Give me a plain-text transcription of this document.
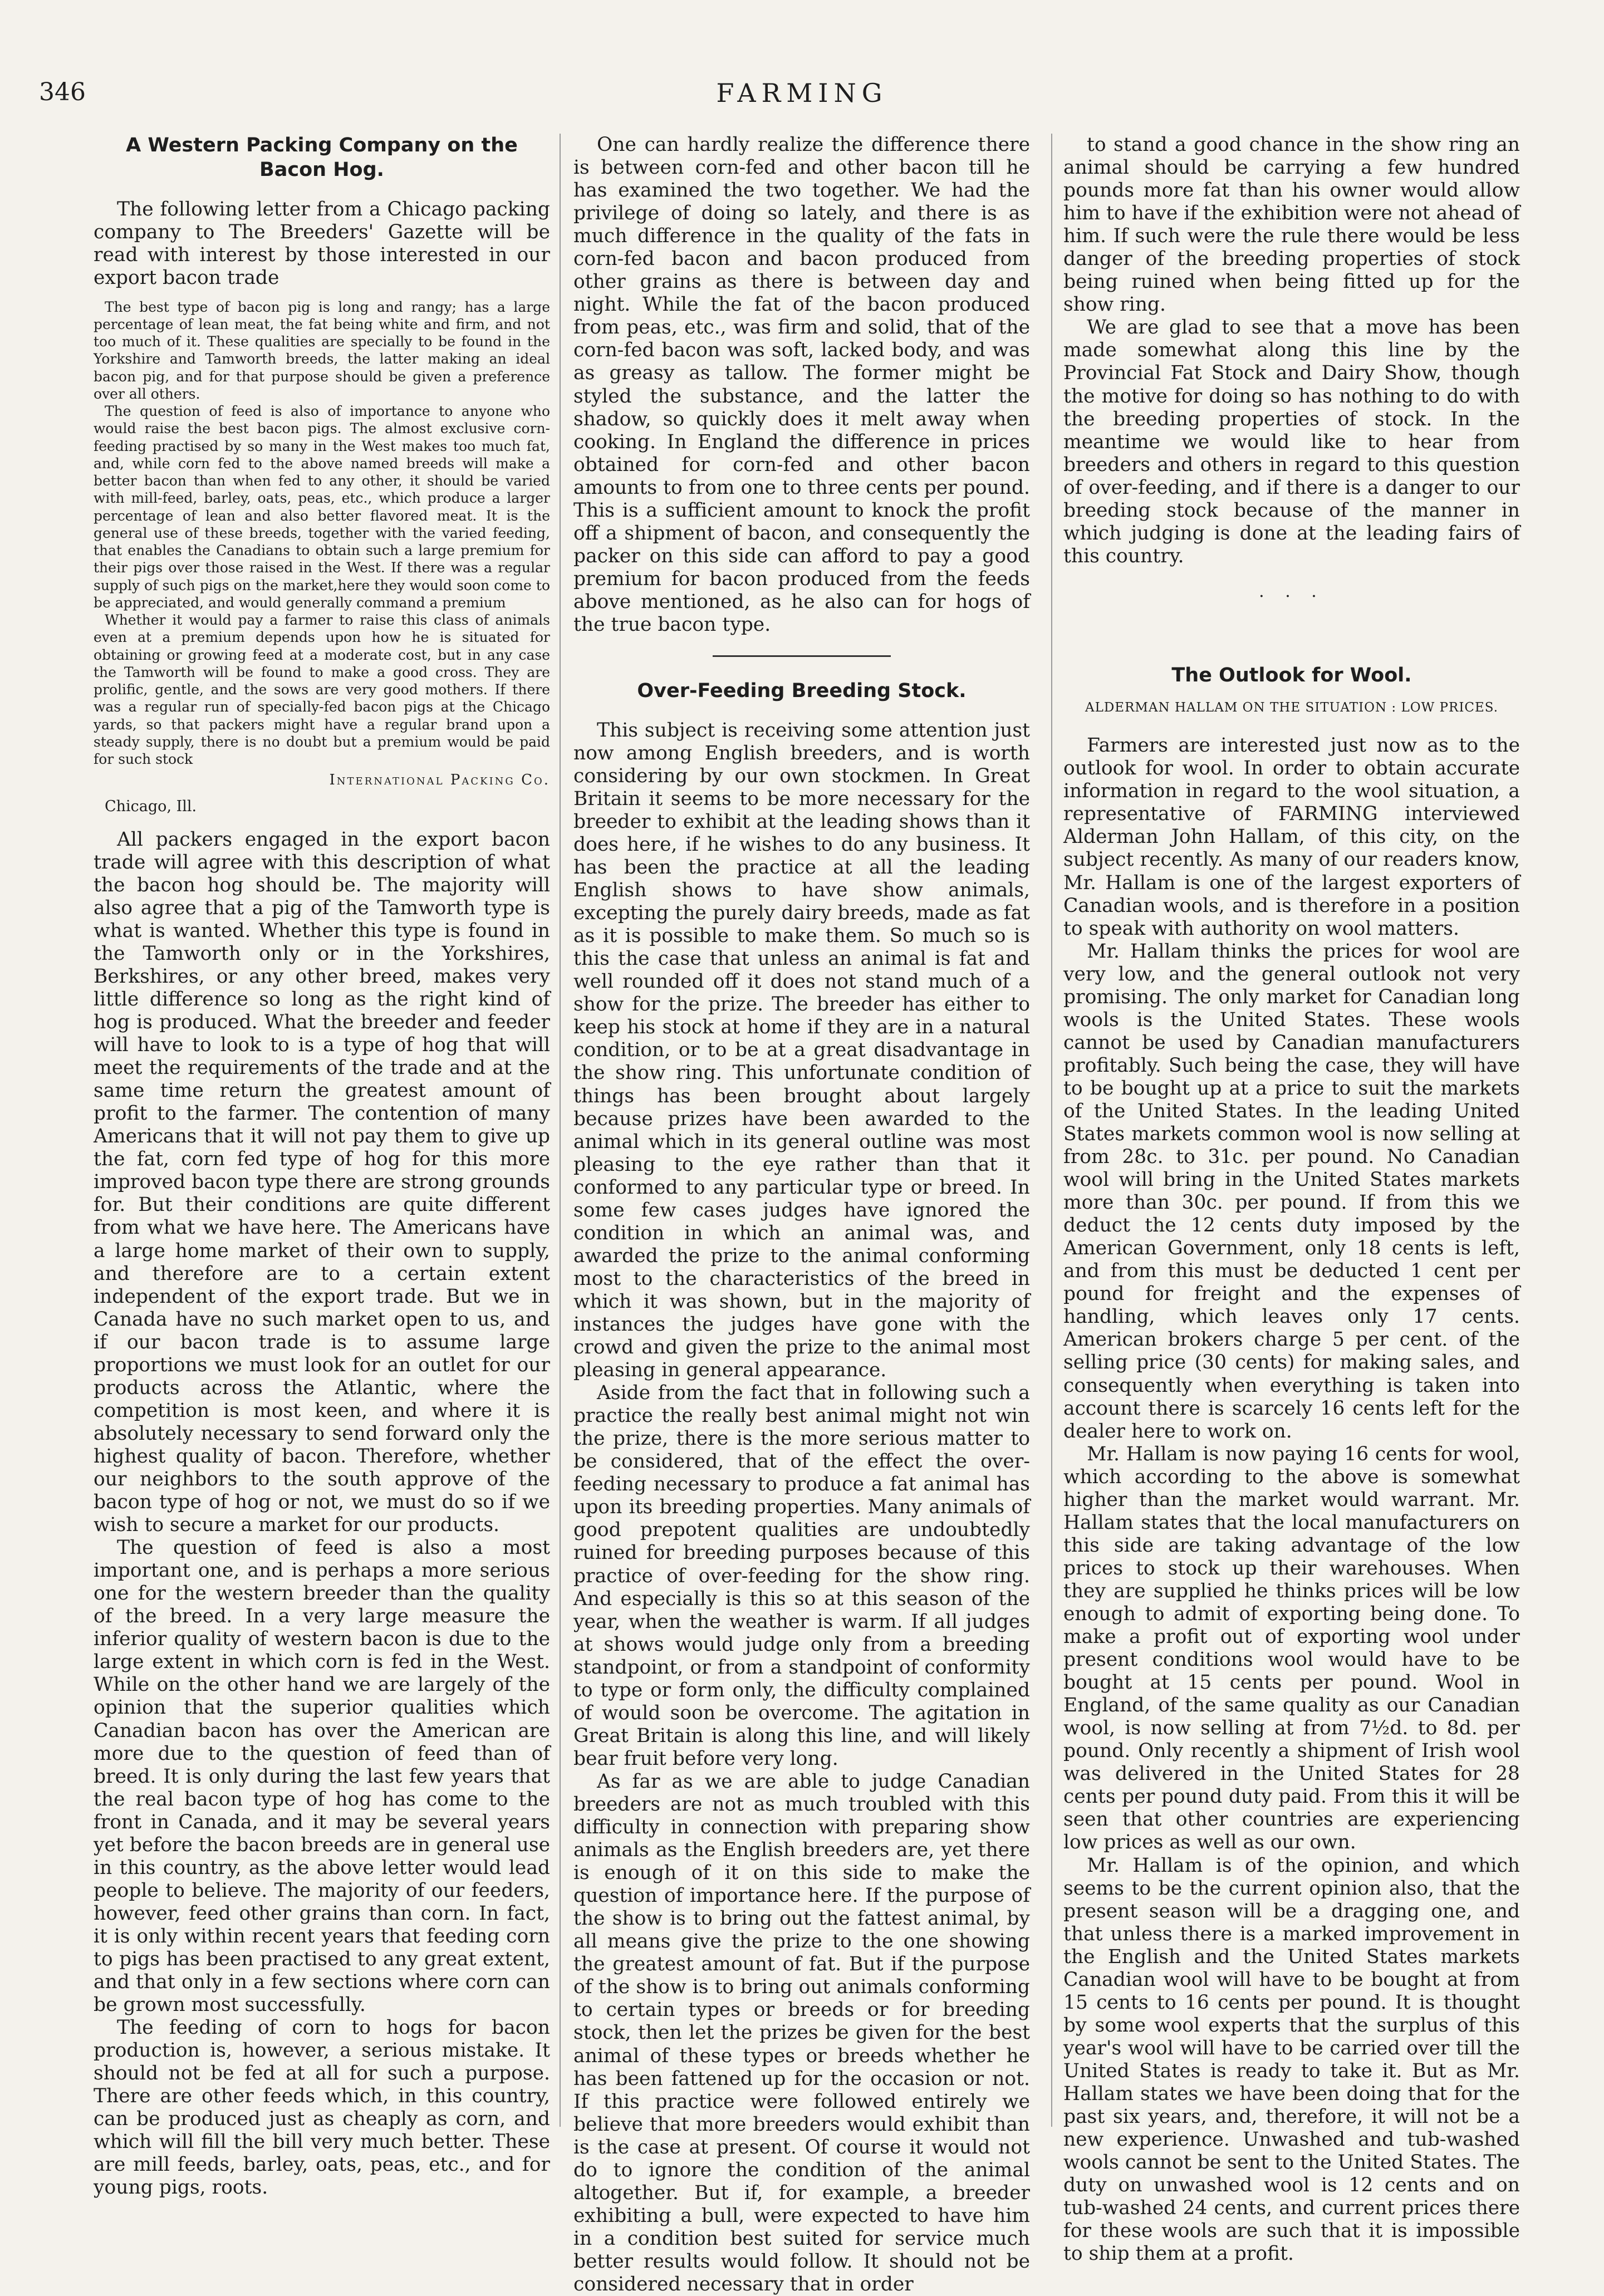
346	FARMING
A Western Packing Company on the Bacon Hog.

The following letter from a Chicago packing company to The Breeders' Gazette will be read with interest by those interested in our export bacon trade

The best type of bacon pig is long and rangy; has a large percentage of lean meat, the fat being white and firm, and not too much of it. These qualities are specially to be found in the Yorkshire and Tamworth breeds, the latter making an ideal bacon pig, and for that purpose should be given a preference over all others.

The question of feed is also of importance to anyone who would raise the best bacon pigs. The almost exclusive corn-feeding practised by so many in the West makes too much fat, and, while corn fed to the above named breeds will make a better bacon than when fed to any other, it should be varied with mill-feed, barley, oats, peas, etc., which produce a larger percentage of lean and also better flavored meat. It is the general use of these breeds, together with the varied feeding, that enables the Canadians to obtain such a large premium for their pigs over those raised in the West. If there was a regular supply of such pigs on the market,here they would soon come to be appreciated, and would generally command a premium

Whether it would pay a farmer to raise this class of animals even at a premium depends upon how he is situated for obtaining or growing feed at a moderate cost, but in any case the Tamworth will be found to make a good cross. They are prolific, gentle, and the sows are very good mothers. If there was a regular run of specially-fed bacon pigs at the Chicago yards, so that packers might have a regular brand upon a steady supply, there is no doubt but a premium would be paid for such stock

International Packing Co.

Chicago, Ill.

All packers engaged in the export bacon trade will agree with this description of what the bacon hog should be. The majority will also agree that a pig of the Tamworth type is what is wanted. Whether this type is found in the Tamworth only or in the Yorkshires, Berkshires, or any other breed, makes very little difference so long as the right kind of hog is produced. What the breeder and feeder will have to look to is a type of hog that will meet the requirements of the trade and at the same time return the greatest amount of profit to the farmer. The contention of many Americans that it will not pay them to give up the fat, corn fed type of hog for this more improved bacon type there are strong grounds for. But their conditions are quite different from what we have here. The Americans have a large home market of their own to supply, and therefore are to a certain extent independent of the export trade. But we in Canada have no such market open to us, and if our bacon trade is to assume large proportions we must look for an outlet for our products across the Atlantic, where the competition is most keen, and where it is absolutely necessary to send forward only the highest quality of bacon. Therefore, whether our neighbors to the south approve of the bacon type of hog or not, we must do so if we wish to secure a market for our products.

The question of feed is also a most important one, and is perhaps a more serious one for the western breeder than the quality of the breed. In a very large measure the inferior quality of western bacon is due to the large extent in which corn is fed in the West. While on the other hand we are largely of the opinion that the superior qualities which Canadian bacon has over the American are more due to the question of feed than of breed. It is only during the last few years that the real bacon type of hog has come to the front in Canada, and it may be several years yet before the bacon breeds are in general use in this country, as the above letter would lead people to believe. The majority of our feeders, however, feed other grains than corn. In fact, it is only within recent years that feeding corn to pigs has been practised to any great extent, and that only in a few sections where corn can be grown most successfully.

The feeding of corn to hogs for bacon production is, however, a serious mistake. It should not be fed at all for such a purpose. There are other feeds which, in this country, can be produced just as cheaply as corn, and which will fill the bill very much better. These are mill feeds, barley, oats, peas, etc., and for young pigs, roots.

One can hardly realize the difference there is between corn-fed and other bacon till he has examined the two together. We had the privilege of doing so lately, and there is as much difference in the quality of the fats in corn-fed bacon and bacon produced from other grains as there is between day and night. While the fat of the bacon produced from peas, etc., was firm and solid, that of the corn-fed bacon was soft, lacked body, and was as greasy as tallow. The former might be styled the substance, and the latter the shadow, so quickly does it melt away when cooking. In England the difference in prices obtained for corn-fed and other bacon amounts to from one to three cents per pound. This is a sufficient amount to knock the profit off a shipment of bacon, and consequently the packer on this side can afford to pay a good premium for bacon produced from the feeds above mentioned, as he also can for hogs of the true bacon type.

Over-Feeding Breeding Stock.

This subject is receiving some attention just now among English breeders, and is worth considering by our own stockmen. In Great Britain it seems to be more necessary for the breeder to exhibit at the leading shows than it does here, if he wishes to do any business. It has been the practice at all the leading English shows to have show animals, excepting the purely dairy breeds, made as fat as it is possible to make them. So much so is this the case that unless an animal is fat and well rounded off it does not stand much of a show for the prize. The breeder has either to keep his stock at home if they are in a natural condition, or to be at a great disadvantage in the show ring. This unfortunate condition of things has been brought about largely because prizes have been awarded to the animal which in its general outline was most pleasing to the eye rather than that it conformed to any particular type or breed. In some few cases judges have ignored the condition in which an animal was, and awarded the prize to the animal conforming most to the characteristics of the breed in which it was shown, but in the majority of instances the judges have gone with the crowd and given the prize to the animal most pleasing in general appearance.

Aside from the fact that in following such a practice the really best animal might not win the prize, there is the more serious matter to be considered, that of the effect the over-feeding necessary to produce a fat animal has upon its breeding properties. Many animals of good prepotent qualities are undoubtedly ruined for breeding purposes because of this practice of over-feeding for the show ring. And especially is this so at this season of the year, when the weather is warm. If all judges at shows would judge only from a breeding standpoint, or from a standpoint of conformity to type or form only, the difficulty complained of would soon be overcome. The agitation in Great Britain is along this line, and will likely bear fruit before very long.

As far as we are able to judge Canadian breeders are not as much troubled with this difficulty in connection with preparing show animals as the English breeders are, yet there is enough of it on this side to make the question of importance here. If the purpose of the show is to bring out the fattest animal, by all means give the prize to the one showing the greatest amount of fat. But if the purpose of the show is to bring out animals conforming to certain types or breeds or for breeding stock, then let the prizes be given for the best animal of these types or breeds whether he has been fattened up for the occasion or not. If this practice were followed entirely we believe that more breeders would exhibit than is the case at present. Of course it would not do to ignore the condition of the animal altogether. But if, for example, a breeder exhibiting a bull, were expected to have him in a condition best suited for service much better results would follow. It should not be considered necessary that in order

to stand a good chance in the show ring an animal should be carrying a few hundred pounds more fat than his owner would allow him to have if the exhibition were not ahead of him. If such were the rule there would be less danger of the breeding properties of stock being ruined when being fitted up for the show ring.

We are glad to see that a move has been made somewhat along this line by the Provincial Fat Stock and Dairy Show, though the motive for doing so has nothing to do with the breeding properties of stock. In the meantime we would like to hear from breeders and others in regard to this question of over-feeding, and if there is a danger to our breeding stock because of the manner in which judging is done at the leading fairs of this country.

· · ·
The Outlook for Wool.
ALDERMAN HALLAM ON THE SITUATION : LOW PRICES.

Farmers are interested just now as to the outlook for wool. In order to obtain accurate information in regard to the wool situation, a representative of FARMING interviewed Alderman John Hallam, of this city, on the subject recently. As many of our readers know, Mr. Hallam is one of the largest exporters of Canadian wools, and is therefore in a position to speak with authority on wool matters.

Mr. Hallam thinks the prices for wool are very low, and the general outlook not very promising. The only market for Canadian long wools is the United States. These wools cannot be used by Canadian manufacturers profitably. Such being the case, they will have to be bought up at a price to suit the markets of the United States. In the leading United States markets common wool is now selling at from 28c. to 31c. per pound. No Canadian wool will bring in the United States markets more than 30c. per pound. If from this we deduct the 12 cents duty imposed by the American Government, only 18 cents is left, and from this must be deducted 1 cent per pound for freight and the expenses of handling, which leaves only 17 cents. American brokers charge 5 per cent. of the selling price (30 cents) for making sales, and consequently when everything is taken into account there is scarcely 16 cents left for the dealer here to work on.

Mr. Hallam is now paying 16 cents for wool, which according to the above is somewhat higher than the market would warrant. Mr. Hallam states that the local manufacturers on this side are taking advantage of the low prices to stock up their warehouses. When they are supplied he thinks prices will be low enough to admit of exporting being done. To make a profit out of exporting wool under present conditions wool would have to be bought at 15 cents per pound. Wool in England, of the same quality as our Canadian wool, is now selling at from 7½d. to 8d. per pound. Only recently a shipment of Irish wool was delivered in the United States for 28 cents per pound duty paid. From this it will be seen that other countries are experiencing low prices as well as our own.

Mr. Hallam is of the opinion, and which seems to be the current opinion also, that the present season will be a dragging one, and that unless there is a marked improvement in the English and the United States markets Canadian wool will have to be bought at from 15 cents to 16 cents per pound. It is thought by some wool experts that the surplus of this year's wool will have to be carried over till the United States is ready to take it. But as Mr. Hallam states we have been doing that for the past six years, and, therefore, it will not be a new experience. Unwashed and tub-washed wools cannot be sent to the United States. The duty on unwashed wool is 12 cents and on tub-washed 24 cents, and current prices there for these wools are such that it is impossible to ship them at a profit.
